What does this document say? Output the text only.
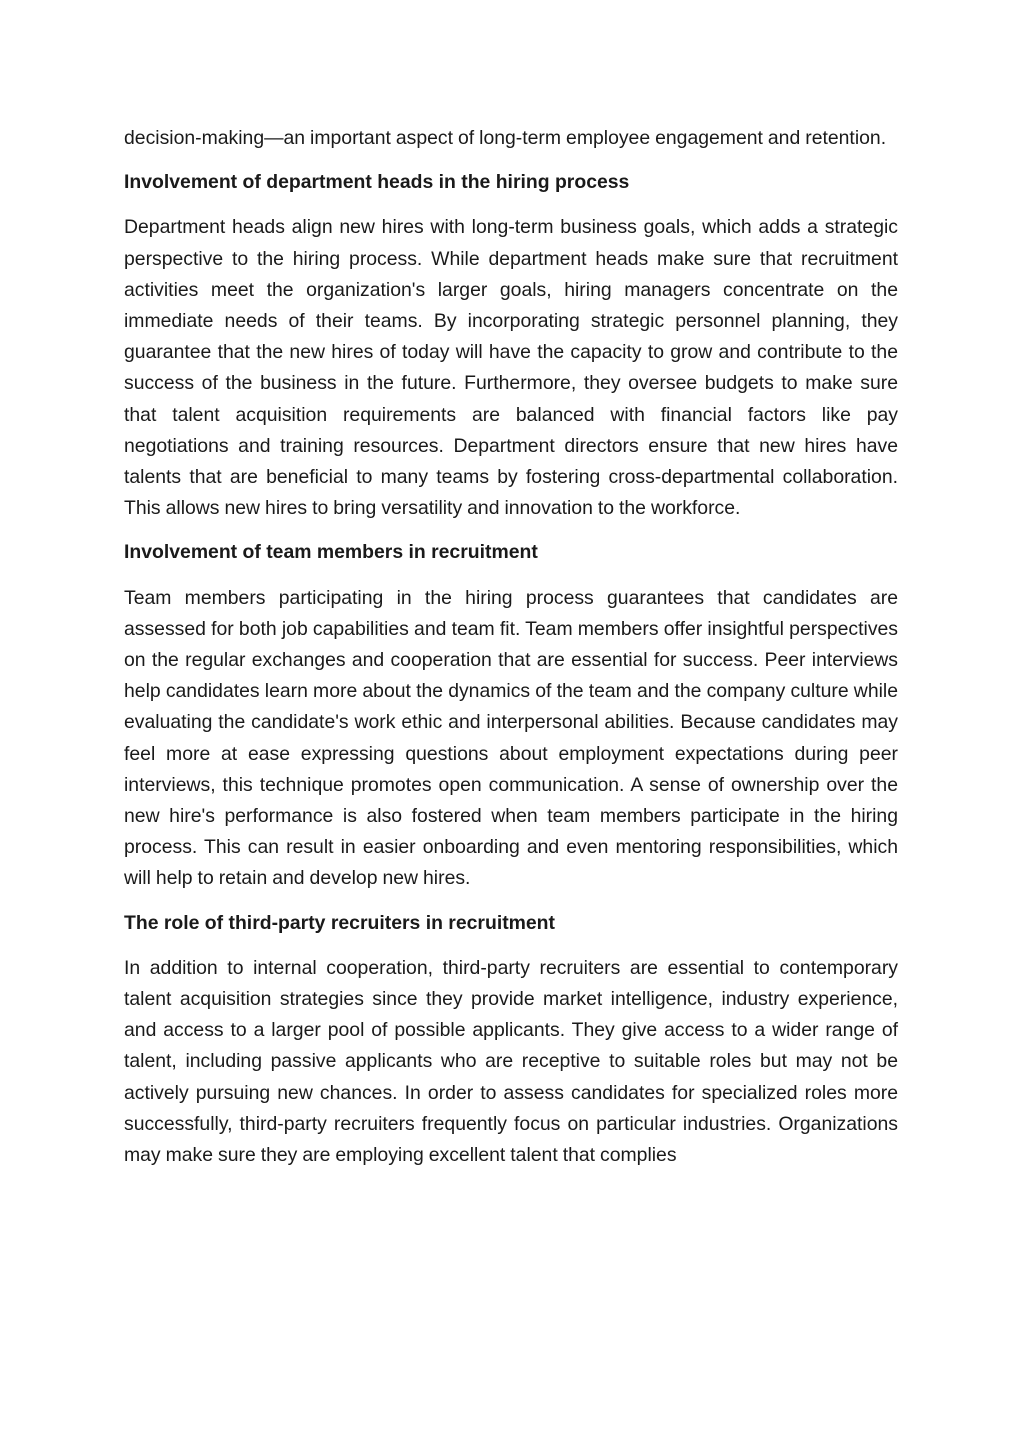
decision-making—an important aspect of long-term employee engagement and retention.

Involvement of department heads in the hiring process

Department heads align new hires with long-term business goals, which adds a strategic perspective to the hiring process. While department heads make sure that recruitment activities meet the organization's larger goals, hiring managers concentrate on the immediate needs of their teams. By incorporating strategic personnel planning, they guarantee that the new hires of today will have the capacity to grow and contribute to the success of the business in the future. Furthermore, they oversee budgets to make sure that talent acquisition requirements are balanced with financial factors like pay negotiations and training resources. Department directors ensure that new hires have talents that are beneficial to many teams by fostering cross-departmental collaboration. This allows new hires to bring versatility and innovation to the workforce.

Involvement of team members in recruitment

Team members participating in the hiring process guarantees that candidates are assessed for both job capabilities and team fit. Team members offer insightful perspectives on the regular exchanges and cooperation that are essential for success. Peer interviews help candidates learn more about the dynamics of the team and the company culture while evaluating the candidate's work ethic and interpersonal abilities. Because candidates may feel more at ease expressing questions about employment expectations during peer interviews, this technique promotes open communication. A sense of ownership over the new hire's performance is also fostered when team members participate in the hiring process. This can result in easier onboarding and even mentoring responsibilities, which will help to retain and develop new hires.

The role of third-party recruiters in recruitment

In addition to internal cooperation, third-party recruiters are essential to contemporary talent acquisition strategies since they provide market intelligence, industry experience, and access to a larger pool of possible applicants. They give access to a wider range of talent, including passive applicants who are receptive to suitable roles but may not be actively pursuing new chances. In order to assess candidates for specialized roles more successfully, third-party recruiters frequently focus on particular industries. Organizations may make sure they are employing excellent talent that complies
